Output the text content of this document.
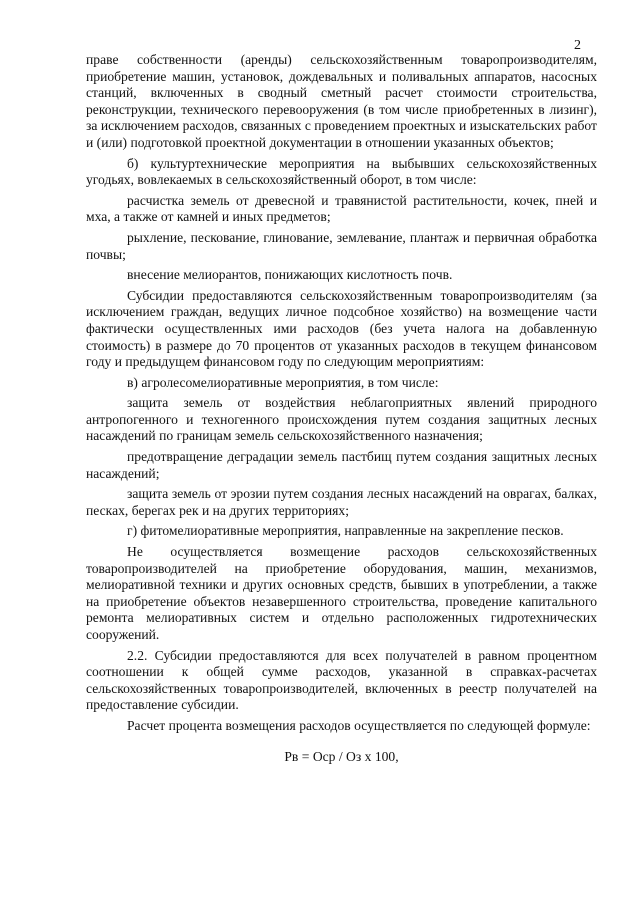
2

праве собственности (аренды) сельскохозяйственным товаропроизводителям, приобретение машин, установок, дождевальных и поливальных аппаратов, насосных станций, включенных в сводный сметный расчет стоимости строительства, реконструкции, технического перевооружения (в том числе приобретенных в лизинг), за исключением расходов, связанных с проведением проектных и изыскательских работ и (или) подготовкой проектной документации в отношении указанных объектов;

б) культуртехнические мероприятия на выбывших сельскохозяйственных угодьях, вовлекаемых в сельскохозяйственный оборот, в том числе:

расчистка земель от древесной и травянистой растительности, кочек, пней и мха, а также от камней и иных предметов;

рыхление, пескование, глинование, землевание, плантаж и первичная обработка почвы;

внесение мелиорантов, понижающих кислотность почв.

Субсидии предоставляются сельскохозяйственным товаропроизводителям (за исключением граждан, ведущих личное подсобное хозяйство) на возмещение части фактически осуществленных ими расходов (без учета налога на добавленную стоимость) в размере до 70 процентов от указанных расходов в текущем финансовом году и предыдущем финансовом году по следующим мероприятиям:

в) агролесомелиоративные мероприятия, в том числе:

защита земель от воздействия неблагоприятных явлений природного антропогенного и техногенного происхождения путем создания защитных лесных насаждений по границам земель сельскохозяйственного назначения;

предотвращение деградации земель пастбищ путем создания защитных лесных насаждений;

защита земель от эрозии путем создания лесных насаждений на оврагах, балках, песках, берегах рек и на других территориях;

г) фитомелиоративные мероприятия, направленные на закрепление песков.

Не осуществляется возмещение расходов сельскохозяйственных товаропроизводителей на приобретение оборудования, машин, механизмов, мелиоративной техники и других основных средств, бывших в употреблении, а также на приобретение объектов незавершенного строительства, проведение капитального ремонта мелиоративных систем и отдельно расположенных гидротехнических сооружений.

2.2. Субсидии предоставляются для всех получателей в равном процентном соотношении к общей сумме расходов, указанной в справках-расчетах сельскохозяйственных товаропроизводителей, включенных в реестр получателей на предоставление субсидии.

Расчет процента возмещения расходов осуществляется по следующей формуле:

Рв = Оср / Оз x 100,
